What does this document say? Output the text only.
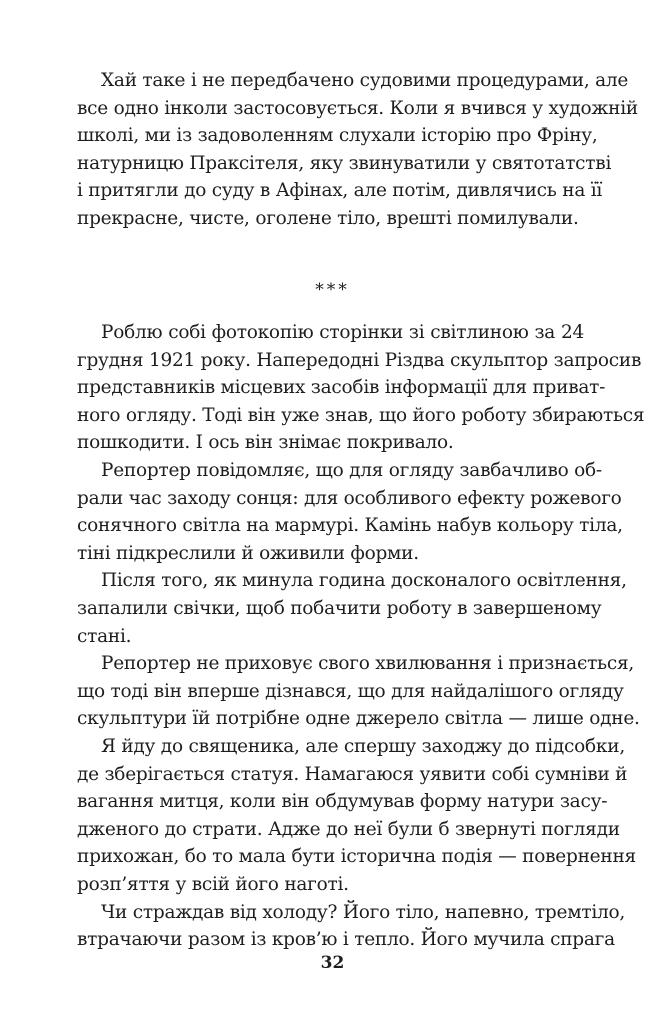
Хай таке і не передбачено судовими процедурами, але
все одно інколи застосовується. Коли я вчився у художній
школі, ми із задоволенням слухали історію про Фріну,
натурницю Праксітеля, яку звинуватили у святотатстві
і притягли до суду в Афінах, але потім, дивлячись на її
прекрасне, чисте, оголене тіло, врешті помилували.
***
Роблю собі фотокопію сторінки зі світлиною за 24
грудня 1921 року. Напередодні Різдва скульптор запросив
представників місцевих засобів інформації для приват-
ного огляду. Тоді він уже знав, що його роботу збираються
пошкодити. І ось він знімає покривало.
Репортер повідомляє, що для огляду завбачливо об-
рали час заходу сонця: для особливого ефекту рожевого
сонячного світла на мармурі. Камінь набув кольору тіла,
тіні підкреслили й оживили форми.
Після того, як минула година досконалого освітлення,
запалили свічки, щоб побачити роботу в завершеному
стані.
Репортер не приховує свого хвилювання і признається,
що тоді він вперше дізнався, що для найдалішого огляду
скульптури їй потрібне одне джерело світла — лише одне.
Я йду до священика, але спершу заходжу до підсобки,
де зберігається статуя. Намагаюся уявити собі сумніви й
вагання митця, коли він обдумував форму натури засу-
дженого до страти. Адже до неї були б звернуті погляди
прихожан, бо то мала бути історична подія — повернення
розп’яття у всій його наготі.
Чи страждав від холоду? Його тіло, напевно, тремтіло,
втрачаючи разом із кров’ю і тепло. Його мучила спрага
32
